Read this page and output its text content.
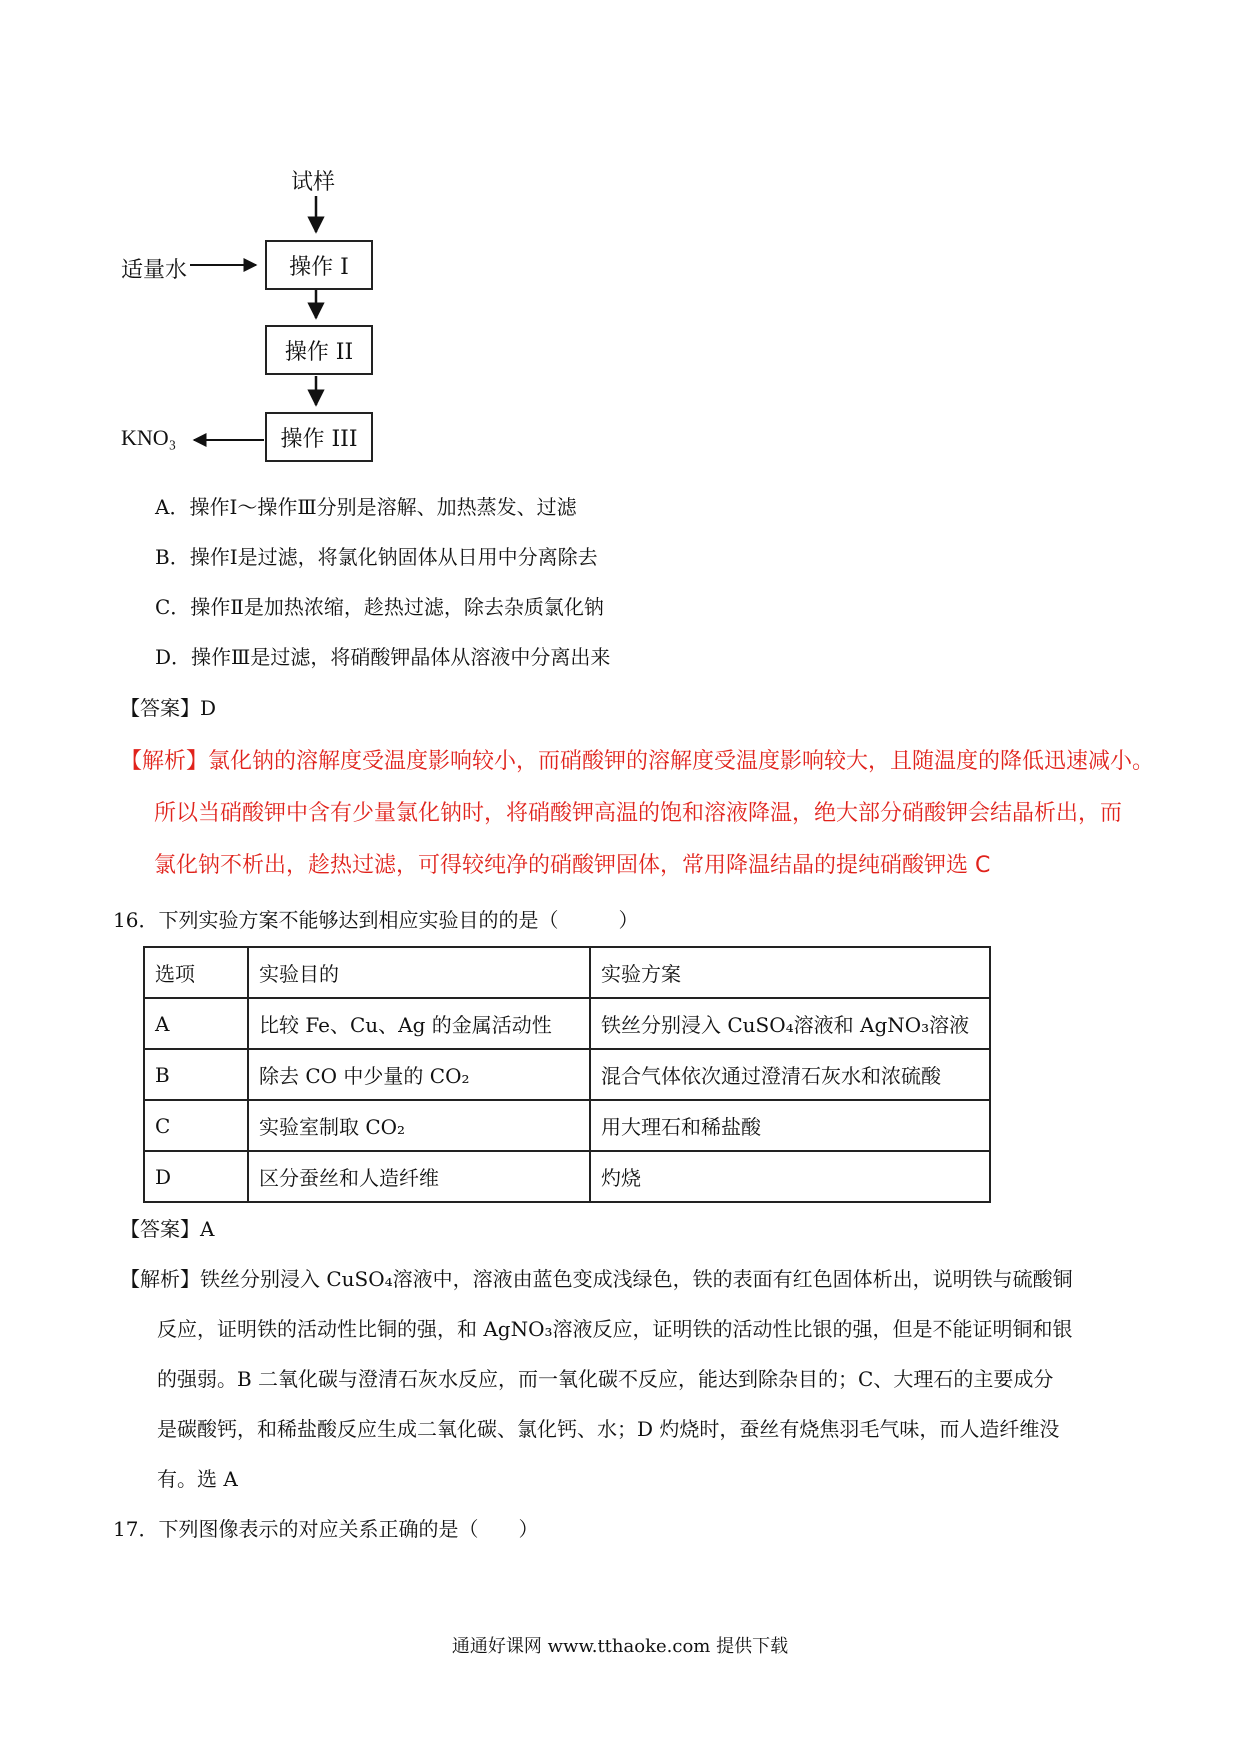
试样
适量水
KNO₃
操作 I
操作 II
操作 III
A．操作Ⅰ～操作Ⅲ分别是溶解、加热蒸发、过滤
B．操作Ⅰ是过滤，将氯化钠固体从日用中分离除去
C．操作Ⅱ是加热浓缩，趁热过滤，除去杂质氯化钠
D．操作Ⅲ是过滤，将硝酸钾晶体从溶液中分离出来
【答案】D
【解析】氯化钠的溶解度受温度影响较小，而硝酸钾的溶解度受温度影响较大，且随温度的降低迅速减小。
所以当硝酸钾中含有少量氯化钠时，将硝酸钾高温的饱和溶液降温，绝大部分硝酸钾会结晶析出，而
氯化钠不析出，趁热过滤，可得较纯净的硝酸钾固体，常用降温结晶的提纯硝酸钾选 C
16．下列实验方案不能够达到相应实验目的的是（　　　）
选项	实验目的	实验方案
A	比较 Fe、Cu、Ag 的金属活动性	铁丝分别浸入 CuSO₄溶液和 AgNO₃溶液
B	除去 CO 中少量的 CO₂	混合气体依次通过澄清石灰水和浓硫酸
C	实验室制取 CO₂	用大理石和稀盐酸
D	区分蚕丝和人造纤维	灼烧
【答案】A
【解析】铁丝分别浸入 CuSO₄溶液中，溶液由蓝色变成浅绿色，铁的表面有红色固体析出，说明铁与硫酸铜
反应，证明铁的活动性比铜的强，和 AgNO₃溶液反应，证明铁的活动性比银的强，但是不能证明铜和银
的强弱。B 二氧化碳与澄清石灰水反应，而一氧化碳不反应，能达到除杂目的；C、大理石的主要成分
是碳酸钙，和稀盐酸反应生成二氧化碳、氯化钙、水；D 灼烧时，蚕丝有烧焦羽毛气味，而人造纤维没
有。选 A
17．下列图像表示的对应关系正确的是（　　）
通通好课网 www.tthaoke.com 提供下载
